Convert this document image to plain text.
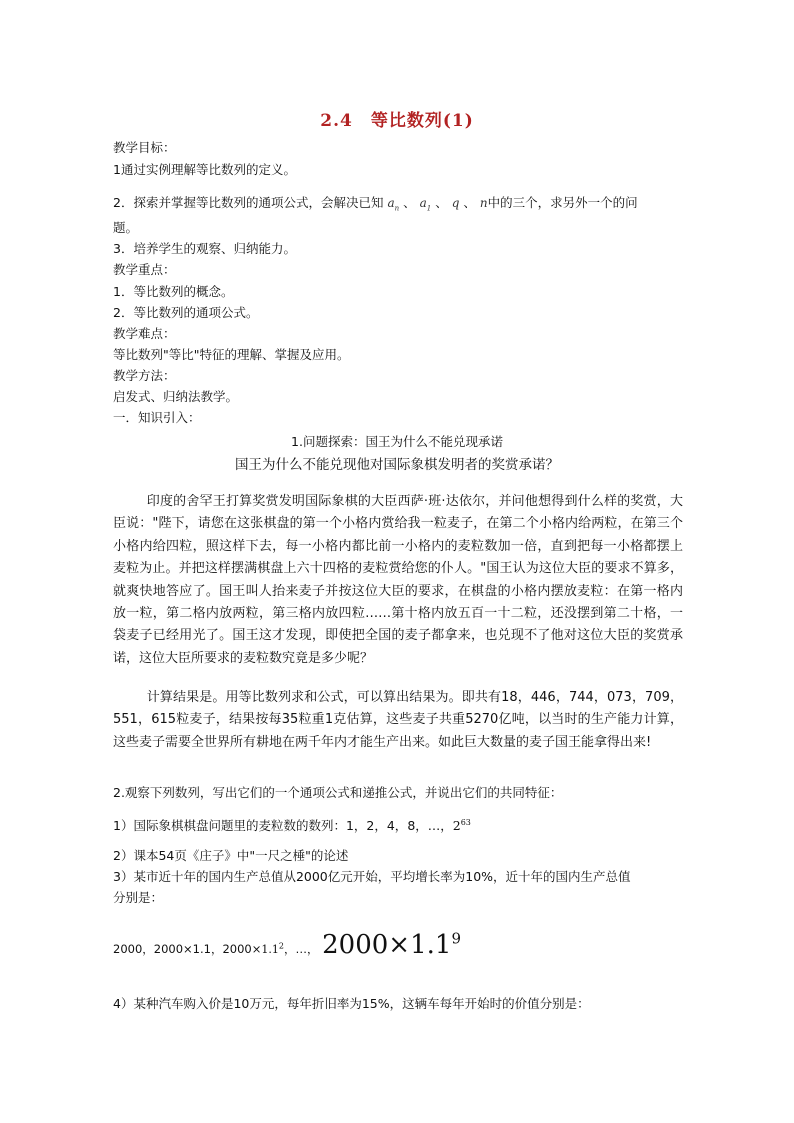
2.4　等比数列(1)
教学目标：
1通过实例理解等比数列的定义。
2．探索并掌握等比数列的通项公式，会解决已知 $a_n$ 、 $a_1$ 、 q 、 n中的三个，求另外一个的问
题。
3．培养学生的观察、归纳能力。
教学重点：
1．等比数列的概念。
2．等比数列的通项公式。
教学难点：
等比数列"等比"特征的理解、掌握及应用。
教学方法：
启发式、归纳法教学。
一．知识引入：
1.问题探索：国王为什么不能兑现承诺
国王为什么不能兑现他对国际象棋发明者的奖赏承诺？

印度的舍罕王打算奖赏发明国际象棋的大臣西萨·班·达依尔，并问他想得到什么样的奖赏，大臣说："陛下，请您在这张棋盘的第一个小格内赏给我一粒麦子，在第二个小格内给两粒，在第三个小格内给四粒，照这样下去，每一小格内都比前一小格内的麦粒数加一倍，直到把每一小格都摆上麦粒为止。并把这样摆满棋盘上六十四格的麦粒赏给您的仆人。"国王认为这位大臣的要求不算多，就爽快地答应了。国王叫人抬来麦子并按这位大臣的要求，在棋盘的小格内摆放麦粒：在第一格内放一粒，第二格内放两粒，第三格内放四粒……第十格内放五百一十二粒，还没摆到第二十格，一袋麦子已经用光了。国王这才发现，即使把全国的麦子都拿来，也兑现不了他对这位大臣的奖赏承诺，这位大臣所要求的麦粒数究竟是多少呢？

计算结果是。用等比数列求和公式，可以算出结果为。即共有18，446，744，073，709，551，615粒麦子，结果按每35粒重1克估算，这些麦子共重5270亿吨，以当时的生产能力计算，这些麦子需要全世界所有耕地在两千年内才能生产出来。如此巨大数量的麦子国王能拿得出来!

2.观察下列数列，写出它们的一个通项公式和递推公式，并说出它们的共同特征：
1）国际象棋棋盘问题里的麦粒数的数列：1，2，4，8，…，$2^{63}$
2）课本54页《庄子》中"一尺之棰"的论述
3）某市近十年的国内生产总值从2000亿元开始，平均增长率为10%，近十年的国内生产总值
分别是：
2000，2000×1.1，$2000\times 1.1^2$，…， $2000\times 1.1^9$
4）某种汽车购入价是10万元，每年折旧率为15%，这辆车每年开始时的价值分别是：
